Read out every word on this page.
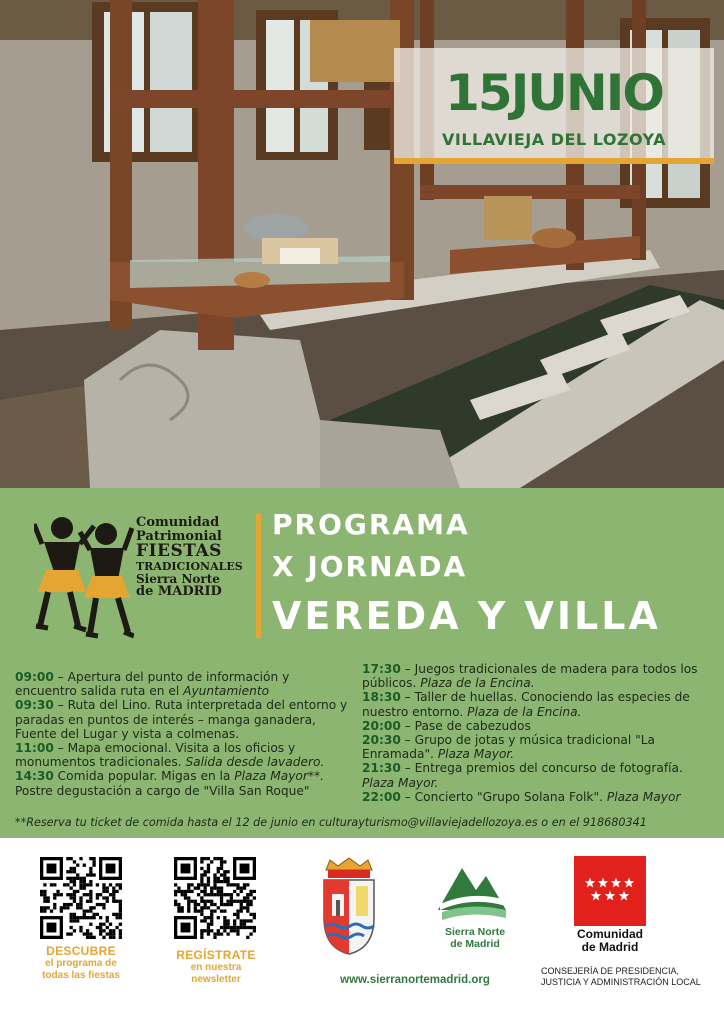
15JUNIO
VILLAVIEJA DEL LOZOYA
Comunidad
Patrimonial
FIESTAS
TRADICIONALES
Sierra Norte
de MADRID
PROGRAMA
X JORNADA
VEREDA Y VILLA
09:00 – Apertura del punto de información y encuentro salida ruta en el Ayuntamiento
09:30 – Ruta del Lino. Ruta interpretada del entorno y paradas en puntos de interés – manga ganadera, Fuente del Lugar y vista a colmenas.
11:00 – Mapa emocional. Visita a los oficios y monumentos tradicionales. Salida desde lavadero.
14:30 Comida popular. Migas en la Plaza Mayor**. Postre degustación a cargo de "Villa San Roque"
17:30 – Juegos tradicionales de madera para todos los públicos. Plaza de la Encina.
18:30 – Taller de huellas. Conociendo las especies de nuestro entorno. Plaza de la Encina.
20:00 – Pase de cabezudos
20:30 – Grupo de jotas y música tradicional "La Enramada". Plaza Mayor.
21:30 – Entrega premios del concurso de fotografía. Plaza Mayor.
22:00 – Concierto "Grupo Solana Folk". Plaza Mayor
**Reserva tu ticket de comida hasta el 12 de junio en culturayturismo@villaviejadellozoya.es o en el 918680341
DESCUBRE
el programa de
todas las fiestas
REGÍSTRATE
en nuestra
newsletter
Sierra Norte
de Madrid
www.sierranortemadrid.org
Comunidad
de Madrid
CONSEJERÍA DE PRESIDENCIA,
JUSTICIA Y ADMINISTRACIÓN LOCAL
